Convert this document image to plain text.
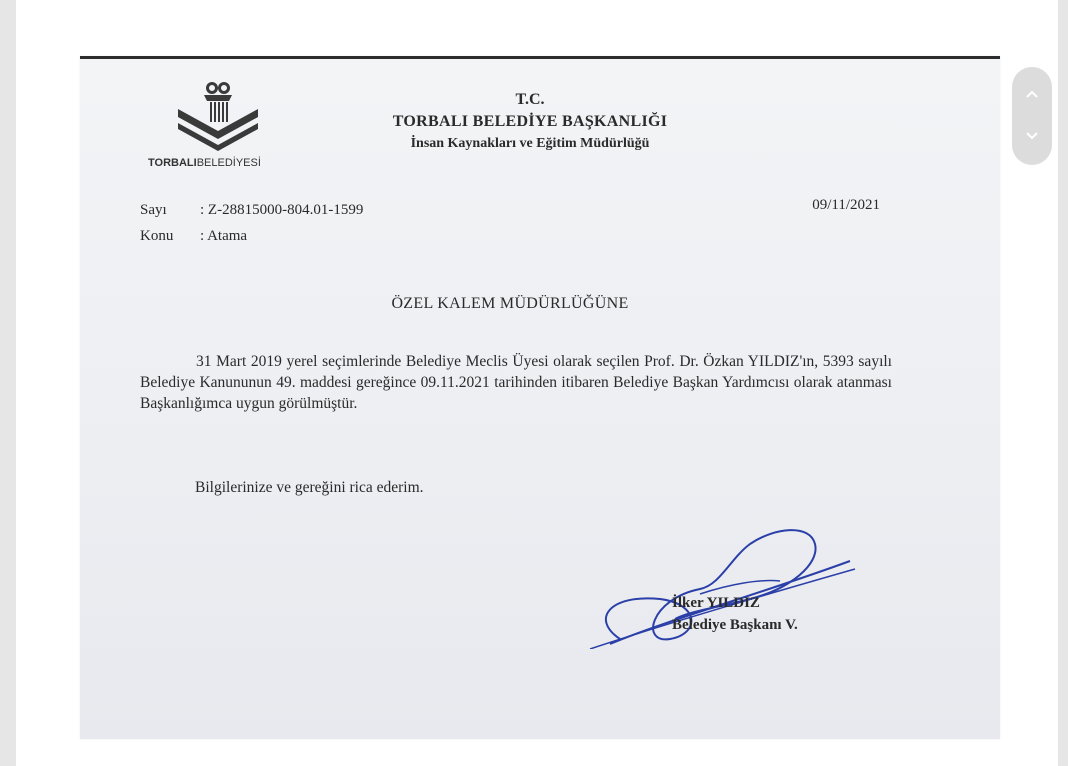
TORBALIBELEDİYESİ
T.C.
TORBALI BELEDİYE BAŞKANLIĞI
İnsan Kaynakları ve Eğitim Müdürlüğü
Sayı : Z-28815000-804.01-1599
Konu : Atama
09/11/2021
ÖZEL KALEM MÜDÜRLÜĞÜNE
31 Mart 2019 yerel seçimlerinde Belediye Meclis Üyesi olarak seçilen Prof. Dr. Özkan YILDIZ'ın, 5393 sayılı Belediye Kanununun 49. maddesi gereğince 09.11.2021 tarihinden itibaren Belediye Başkan Yardımcısı olarak atanması Başkanlığımca uygun görülmüştür.
Bilgilerinize ve gereğini rica ederim.
İlker YILDIZ
Belediye Başkanı V.
